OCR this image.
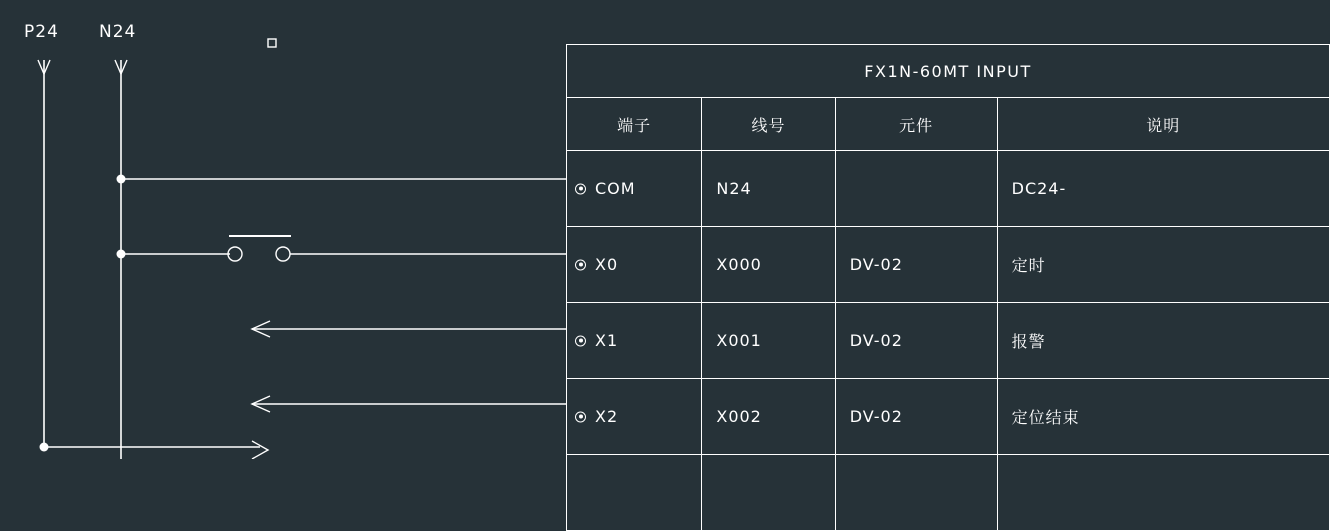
P24 N24
FX1N-60MT INPUT			
端子	线号	元件	说明

COM	N24		DC24-

X0	X000	DV-02	定时

X1	X001	DV-02	报警

X2	X002	DV-02	定位结束
